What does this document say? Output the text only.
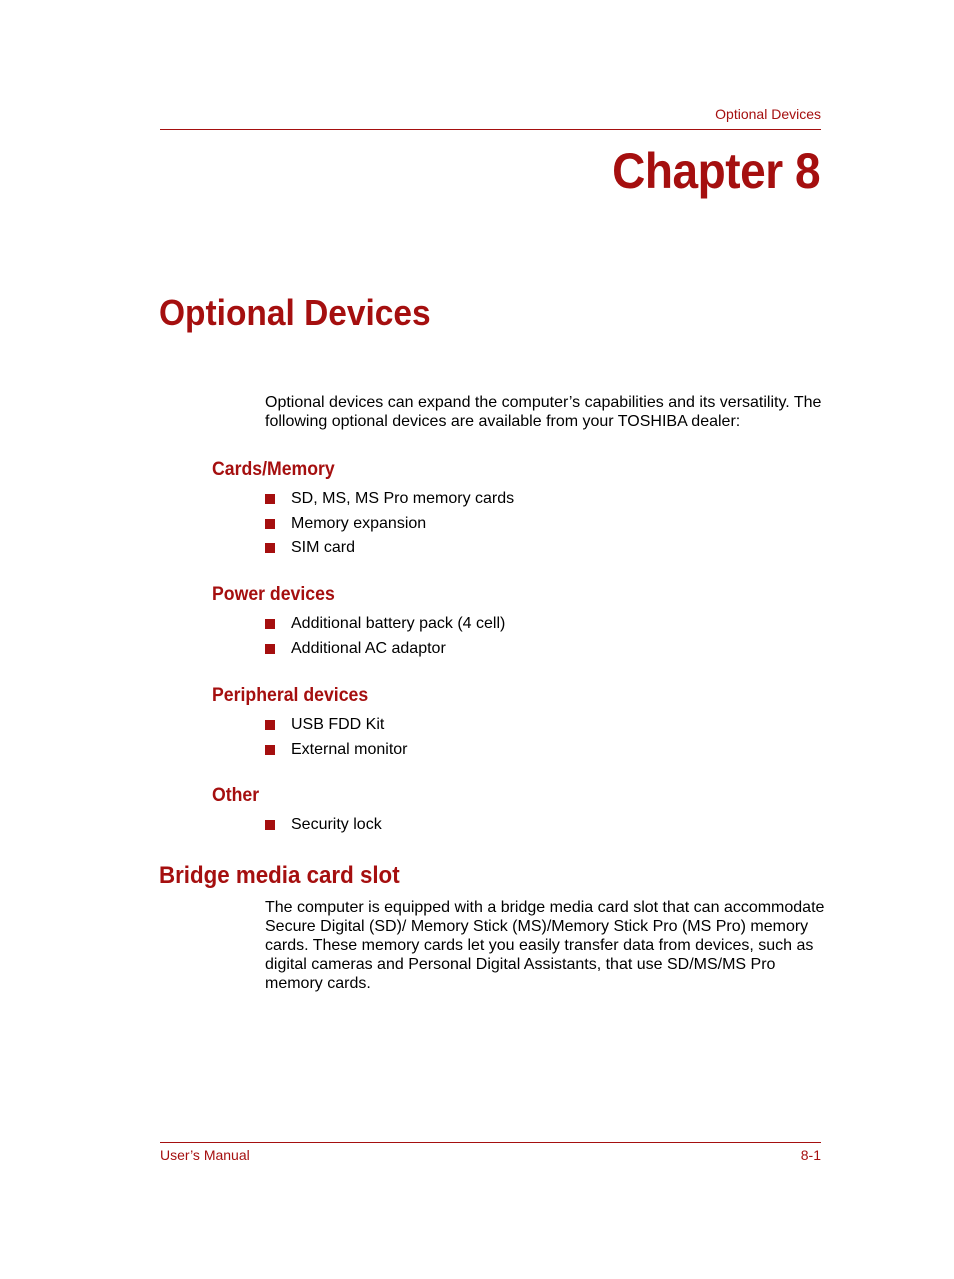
Optional Devices
Chapter 8
Optional Devices
Optional devices can expand the computer’s capabilities and its versatility. The following optional devices are available from your TOSHIBA dealer:
Cards/Memory
SD, MS, MS Pro memory cards
Memory expansion
SIM card
Power devices
Additional battery pack (4 cell)
Additional AC adaptor
Peripheral devices
USB FDD Kit
External monitor
Other
Security lock
Bridge media card slot
The computer is equipped with a bridge media card slot that can accommodate Secure Digital (SD)/ Memory Stick (MS)/Memory Stick Pro (MS Pro) memory cards. These memory cards let you easily transfer data from devices, such as digital cameras and Personal Digital Assistants, that use SD/MS/MS Pro memory cards.
User’s Manual	8-1
